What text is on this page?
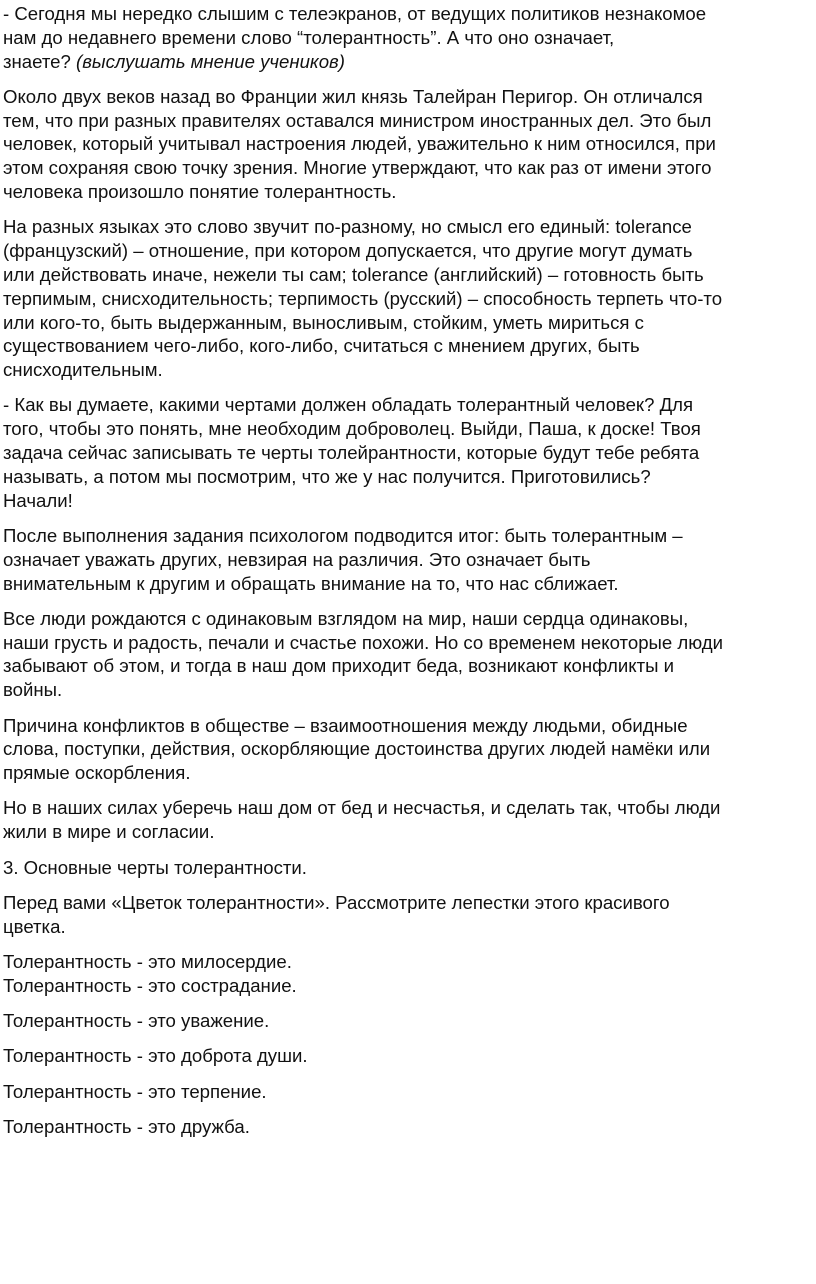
- Сегодня мы нередко слышим с телеэкранов, от ведущих политиков незнакомое
нам до недавнего времени слово “толерантность”. А что оно означает,
знаете? (выслушать мнение учеников)

Около двух веков назад во Франции жил князь Талейран Перигор. Он отличался
тем, что при разных правителях оставался министром иностранных дел. Это был
человек, который учитывал настроения людей, уважительно к ним относился, при
этом сохраняя свою точку зрения. Многие утверждают, что как раз от имени этого
человека произошло понятие толерантность.

На разных языках это слово звучит по-разному, но смысл его единый: tolerance
(французский) – отношение, при котором допускается, что другие могут думать
или действовать иначе, нежели ты сам; tolerance (английский) – готовность быть
терпимым, снисходительность; терпимость (русский) – способность терпеть что-то
или кого-то, быть выдержанным, выносливым, стойким, уметь мириться с
существованием чего-либо, кого-либо, считаться с мнением других, быть
снисходительным.

- Как вы думаете, какими чертами должен обладать толерантный человек? Для
того, чтобы это понять, мне необходим доброволец. Выйди, Паша, к доске! Твоя
задача сейчас записывать те черты толейрантности, которые будут тебе ребята
называть, а потом мы посмотрим, что же у нас получится. Приготовились?
Начали!

После выполнения задания психологом подводится итог: быть толерантным –
означает уважать других, невзирая на различия. Это означает быть
внимательным к другим и обращать внимание на то, что нас сближает.

Все люди рождаются с одинаковым взглядом на мир, наши сердца одинаковы,
наши грусть и радость, печали и счастье похожи. Но со временем некоторые люди
забывают об этом, и тогда в наш дом приходит беда, возникают конфликты и
войны.

Причина конфликтов в обществе – взаимоотношения между людьми, обидные
слова, поступки, действия, оскорбляющие достоинства других людей намёки или
прямые оскорбления.

Но в наших силах уберечь наш дом от бед и несчастья, и сделать так, чтобы люди
жили в мире и согласии.

3. Основные черты толерантности.

Перед вами «Цветок толерантности». Рассмотрите лепестки этого красивого
цветка.

Толерантность - это милосердие.
Толерантность - это сострадание.

Толерантность - это уважение.

Толерантность - это доброта души.

Толерантность - это терпение.

Толерантность - это дружба.
